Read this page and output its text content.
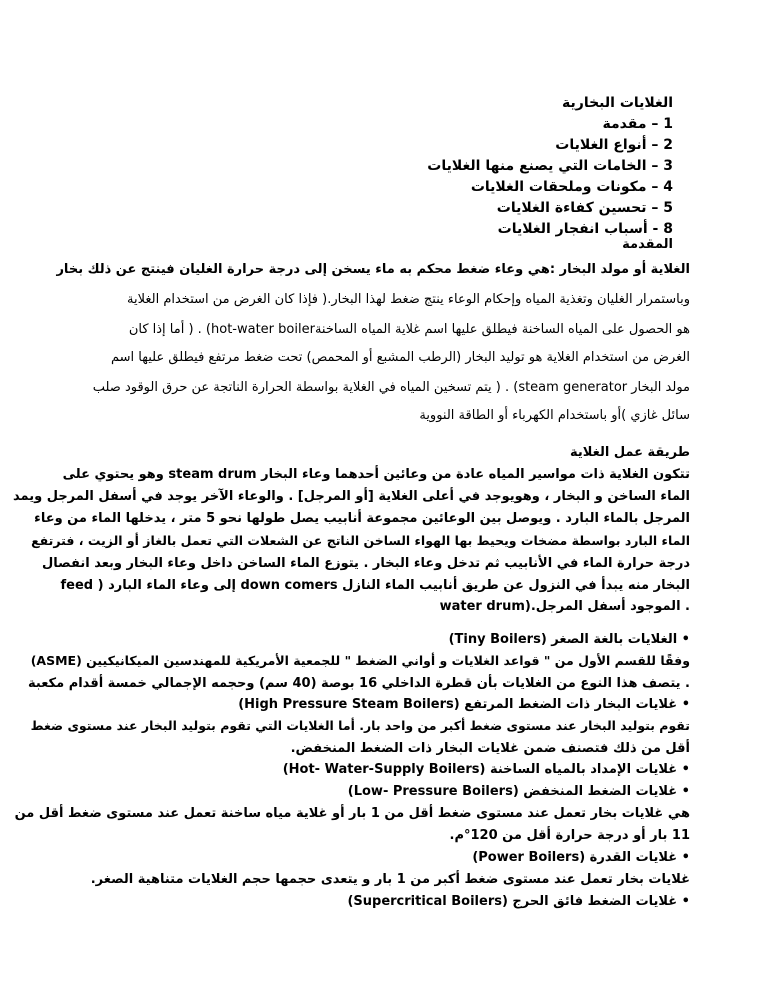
الغلايات البخارية
1 – مقدمة
2 – أنواع الغلايات
3 – الخامات التي يصنع منها الغلايات
4 – مكونات وملحقات الغلايات
5 – تحسين كفاءة الغلايات
8 - أسباب انفجار الغلايات
المقدمة
الغلاية أو مولد البخار :هي وعاء ضغط محكم به ماء يسخن إلى درجة حرارة الغليان فينتج عن ذلك بخار
وباستمرار الغليان وتغذية المياه وإحكام الوعاء ينتج ضغط لهذا البخار.( فإذا كان الغرض من استخدام الغلاية
هو الحصول على المياه الساخنة فيطلق عليها اسم غلاية المياه الساخنةhot-water boiler) . ( أما إذا كان
الغرض من استخدام الغلاية هو توليد البخار (الرطب المشبع أو المحمص) تحت ضغط مرتفع فيطلق عليها اسم
مولد البخار steam generator) . ( يتم تسخين المياه في الغلاية بواسطة الحرارة الناتجة عن حرق الوقود صلب
سائل غازي )أو باستخدام الكهرباء أو الطاقة النووية
طريقة عمل الغلاية
تتكون الغلاية ذات مواسير المياه عادة من وعائين أحدهما وعاء البخار steam drum وهو يحتوي على
الماء الساخن و البخار ، وهويوجد في أعلى الغلاية [أو المرجل] . والوعاء الآخر يوجد في أسفل المرجل ويمد
المرجل بالماء البارد . ويوصل بين الوعائين مجموعة أنابيب يصل طولها نحو 5 متر ، يدخلها الماء من وعاء
الماء البارد بواسطة مضخات ويحيط بها الهواء الساخن الناتج عن الشعلات التي تعمل بالغاز أو الزيت ، فترتفع
درجة حرارة الماء في الأنابيب ثم تدخل وعاء البخار . يتوزع الماء الساخن داخل وعاء البخار وبعد انفصال
البخار منه يبدأ في النزول عن طريق أنابيب الماء النازل down comers إلى وعاء الماء البارد ( feed
water drum).الموجود أسفل المرجل .
• الغلايات بالغة الصغر (Tiny Boilers)
وفقًا للقسم الأول من " قواعد الغلايات و أواني الضغط " للجمعية الأمريكية للمهندسين الميكانيكيين (ASME)
. يتصف هذا النوع من الغلايات بأن قطرة الداخلي 16 بوصة (40 سم) وحجمه الإجمالي خمسة أقدام مكعبة
• غلايات البخار ذات الضغط المرتفع (High Pressure Steam Boilers)
تقوم بتوليد البخار عند مستوى ضغط أكبر من واحد بار. أما الغلايات التي تقوم بتوليد البخار عند مستوى ضغط
أقل من ذلك فتصنف ضمن غلايات البخار ذات الضغط المنخفض.
• غلايات الإمداد بالمياه الساخنة (Hot- Water-Supply Boilers)
• غلايات الضغط المنخفض (Low- Pressure Boilers)
هي غلايات بخار تعمل عند مستوى ضغط أقل من 1 بار أو غلاية مياه ساخنة تعمل عند مستوى ضغط أقل من
11 بار أو درجة حرارة أقل من 120°م.
• غلايات القدرة (Power Boilers)
غلايات بخار تعمل عند مستوى ضغط أكبر من 1 بار و يتعدى حجمها حجم الغلايات متناهية الصغر.
• غلايات الضغط فائق الحرج (Supercritical Boilers)
